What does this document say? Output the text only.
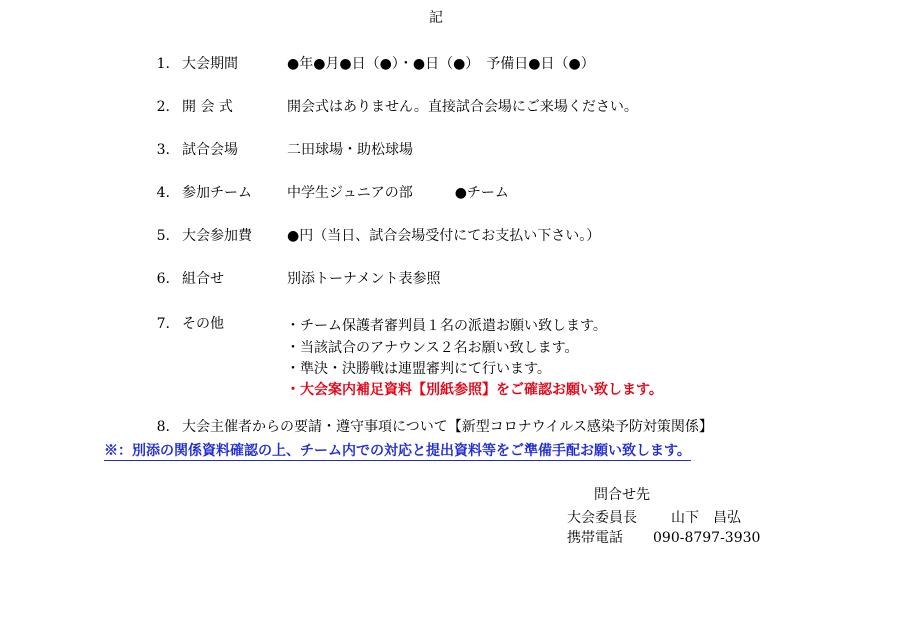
記
1. 大会期間	●年●月●日（●）・●日（●）　予備日●日（●）
2. 開 会 式	開会式はありません。直接試合会場にご来場ください。
3. 試合会場	二田球場・助松球場
4. 参加チーム	中学生ジュニアの部　　　●チーム
5. 大会参加費	●円（当日、試合会場受付にてお支払い下さい。）
6. 組合せ	別添トーナメント表参照
7. その他	・チーム保護者審判員１名の派遣お願い致します。
・当該試合のアナウンス２名お願い致します。
・準決・決勝戦は連盟審判にて行います。
・大会案内補足資料【別紙参照】をご確認お願い致します。
8. 大会主催者からの要請・遵守事項について【新型コロナウイルス感染予防対策関係】
※：別添の関係資料確認の上、チーム内での対応と提出資料等をご準備手配お願い致します。
問合せ先
大会委員長 山下　昌弘
携帯電話 090-8797-3930
